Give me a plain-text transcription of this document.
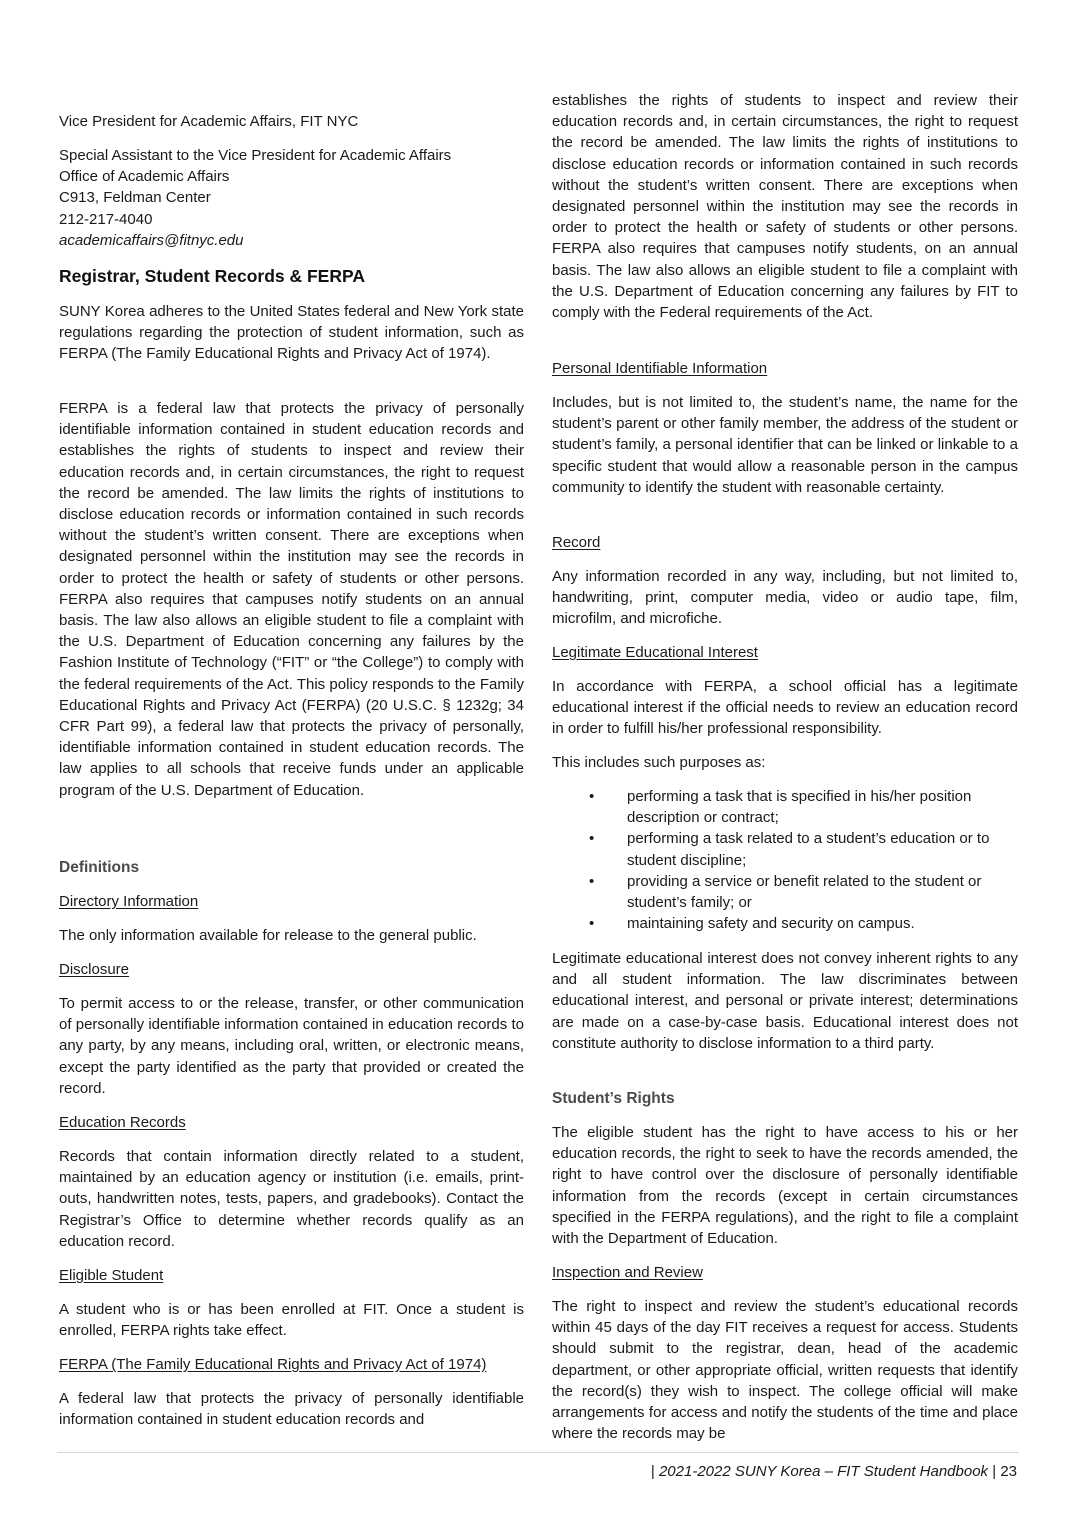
Vice President for Academic Affairs, FIT NYC

Special Assistant to the Vice President for Academic Affairs
Office of Academic Affairs
C913, Feldman Center
212-217-4040
academicaffairs@fitnyc.edu
Registrar, Student Records & FERPA

SUNY Korea adheres to the United States federal and New York state regulations regarding the protection of student information, such as FERPA (The Family Educational Rights and Privacy Act of 1974).

FERPA is a federal law that protects the privacy of personally identifiable information contained in student education records and establishes the rights of students to inspect and review their education records and, in certain circumstances, the right to request the record be amended. The law limits the rights of institutions to disclose education records or information contained in such records without the student’s written consent. There are exceptions when designated personnel within the institution may see the records in order to protect the health or safety of students or other persons. FERPA also requires that campuses notify students on an annual basis. The law also allows an eligible student to file a complaint with the U.S. Department of Education concerning any failures by the Fashion Institute of Technology (“FIT” or “the College”) to comply with the federal requirements of the Act. This policy responds to the Family Educational Rights and Privacy Act (FERPA) (20 U.S.C. § 1232g; 34 CFR Part 99), a federal law that protects the privacy of personally, identifiable information contained in student education records. The law applies to all schools that receive funds under an applicable program of the U.S. Department of Education.

Definitions

Directory Information

The only information available for release to the general public.

Disclosure

To permit access to or the release, transfer, or other communication of personally identifiable information contained in education records to any party, by any means, including oral, written, or electronic means, except the party identified as the party that provided or created the record.

Education Records

Records that contain information directly related to a student, maintained by an education agency or institution (i.e. emails, print-outs, handwritten notes, tests, papers, and gradebooks). Contact the Registrar’s Office to determine whether records qualify as an education record.

Eligible Student

A student who is or has been enrolled at FIT. Once a student is enrolled, FERPA rights take effect.

FERPA (The Family Educational Rights and Privacy Act of 1974)

A federal law that protects the privacy of personally identifiable information contained in student education records and

establishes the rights of students to inspect and review their education records and, in certain circumstances, the right to request the record be amended. The law limits the rights of institutions to disclose education records or information contained in such records without the student’s written consent. There are exceptions when designated personnel within the institution may see the records in order to protect the health or safety of students or other persons. FERPA also requires that campuses notify students, on an annual basis. The law also allows an eligible student to file a complaint with the U.S. Department of Education concerning any failures by FIT to comply with the Federal requirements of the Act.

Personal Identifiable Information

Includes, but is not limited to, the student’s name, the name for the student’s parent or other family member, the address of the student or student’s family, a personal identifier that can be linked or linkable to a specific student that would allow a reasonable person in the campus community to identify the student with reasonable certainty.

Record

Any information recorded in any way, including, but not limited to, handwriting, print, computer media, video or audio tape, film, microfilm, and microfiche.

Legitimate Educational Interest

In accordance with FERPA, a school official has a legitimate educational interest if the official needs to review an education record in order to fulfill his/her professional responsibility.

This includes such purposes as:

• performing a task that is specified in his/her position description or contract;
• performing a task related to a student’s education or to student discipline;
• providing a service or benefit related to the student or student’s family; or
• maintaining safety and security on campus.

Legitimate educational interest does not convey inherent rights to any and all student information. The law discriminates between educational interest, and personal or private interest; determinations are made on a case-by-case basis. Educational interest does not constitute authority to disclose information to a third party.

Student’s Rights

The eligible student has the right to have access to his or her education records, the right to seek to have the records amended, the right to have control over the disclosure of personally identifiable information from the records (except in certain circumstances specified in the FERPA regulations), and the right to file a complaint with the Department of Education.

Inspection and Review

The right to inspect and review the student’s educational records within 45 days of the day FIT receives a request for access. Students should submit to the registrar, dean, head of the academic department, or other appropriate official, written requests that identify the record(s) they wish to inspect. The college official will make arrangements for access and notify the students of the time and place where the records may be

| 2021-2022 SUNY Korea – FIT Student Handbook | 23
